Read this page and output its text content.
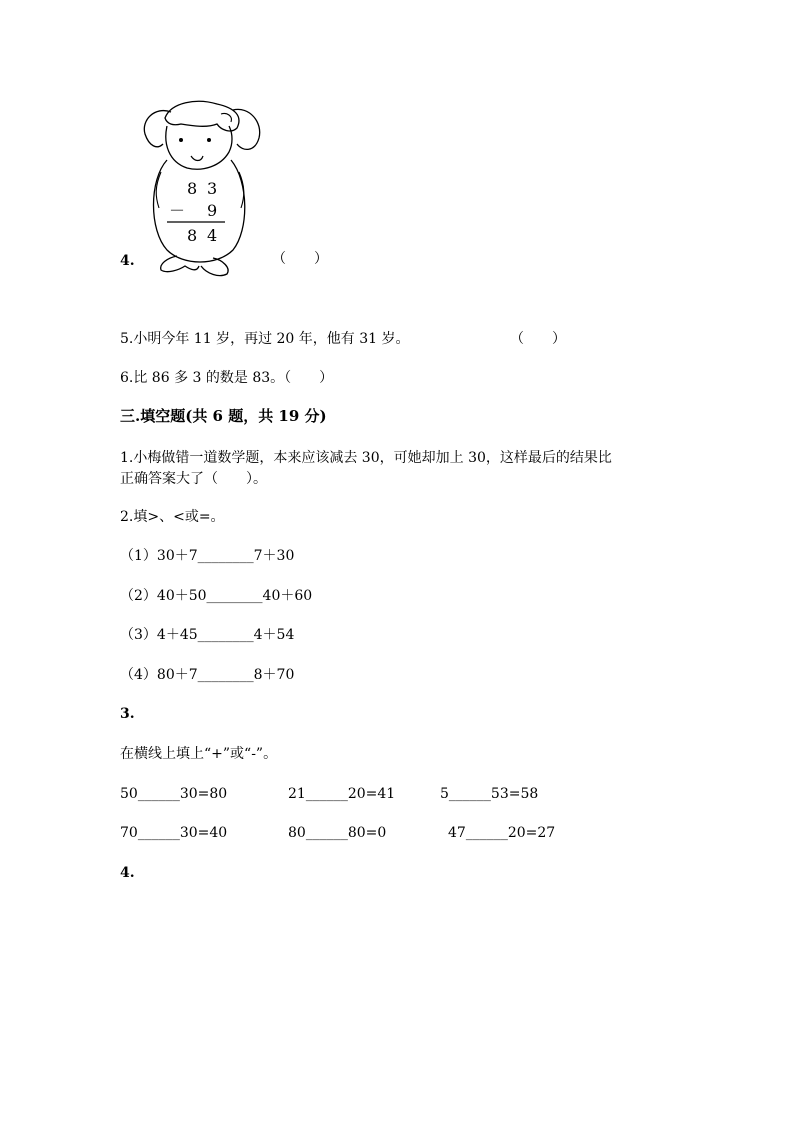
8 3
－ 9
8 4
4.	（　　）
5.小明今年 11 岁，再过 20 年，他有 31 岁。	（　　）
6.比 86 多 3 的数是 83。（　　）
三.填空题(共 6 题，共 19 分)
1.小梅做错一道数学题，本来应该减去 30，可她却加上 30，这样最后的结果比
正确答案大了（　　）。
2.填>、<或=。
（1）30＋7________7＋30
（2）40＋50________40＋60
（3）4＋45________4＋54
（4）80＋7________8＋70
3.
在横线上填上“+”或“-”。
50______30=80	21______20=41	5______53=58
70______30=40	80______80=0	47______20=27
4.
